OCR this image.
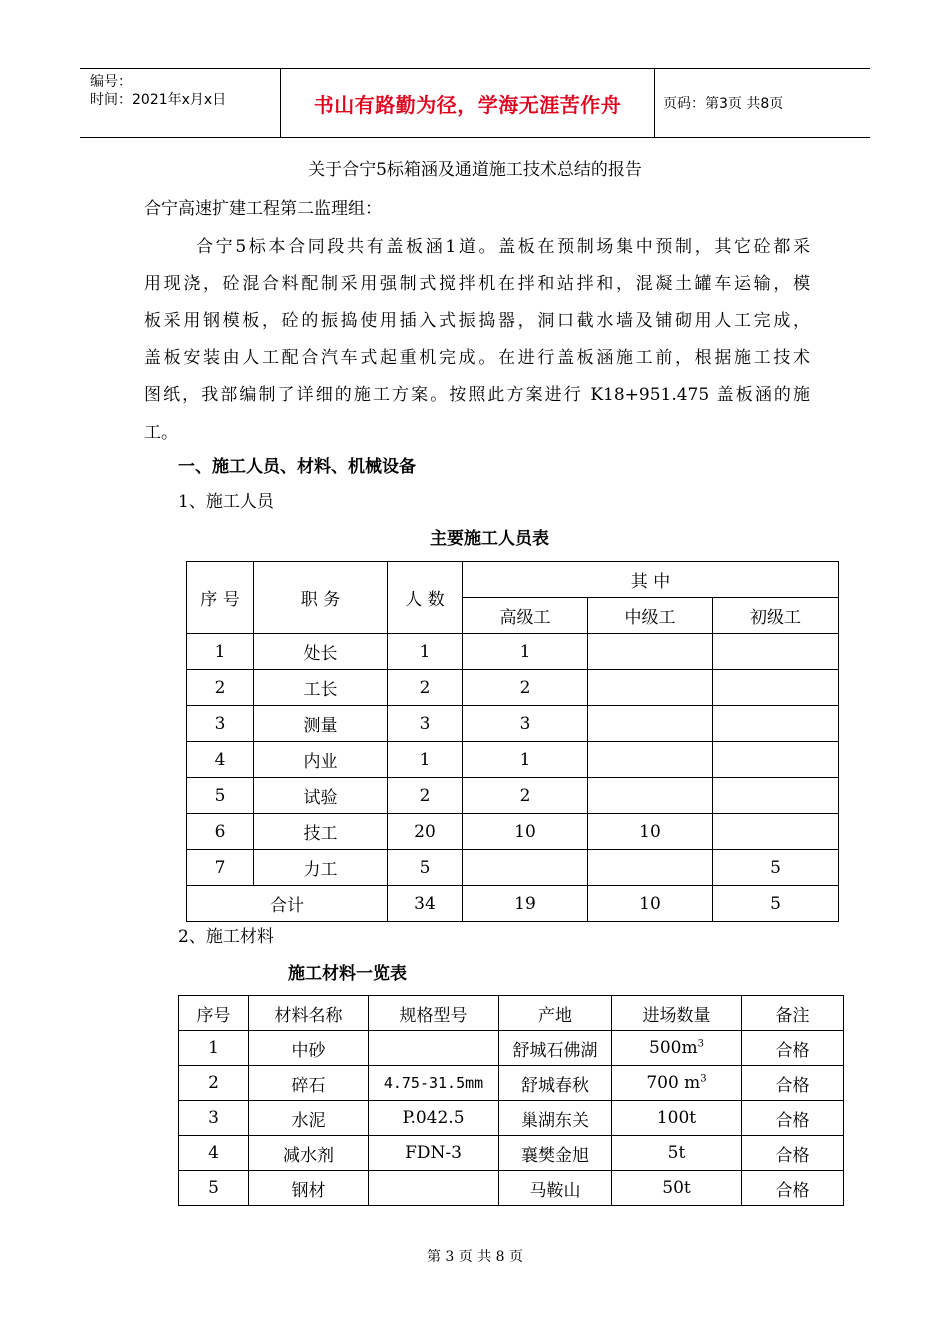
编号：
时间：2021年x月x日	书山有路勤为径，学海无涯苦作舟	页码：第3页 共8页
关于合宁5标箱涵及通道施工技术总结的报告
合宁高速扩建工程第二监理组：
合宁5标本合同段共有盖板涵1道。盖板在预制场集中预制，其它砼都采
用现浇，砼混合料配制采用强制式搅拌机在拌和站拌和，混凝土罐车运输，模
板采用钢模板，砼的振捣使用插入式振捣器，洞口截水墙及铺砌用人工完成，
盖板安装由人工配合汽车式起重机完成。在进行盖板涵施工前，根据施工技术
图纸，我部编制了详细的施工方案。按照此方案进行 K18+951.475 盖板涵的施
工。
一、施工人员、材料、机械设备
1、施工人员
主要施工人员表
序 号	职 务	人 数	其 中		
			高级工	中级工	初级工
1	处长	1	1		
2	工长	2	2		
3	测量	3	3		
4	内业	1	1		
5	试验	2	2		
6	技工	20	10	10	
7	力工	5			5
合计		34	19	10	5
2、施工材料
施工材料一览表
序号	材料名称	规格型号	产地	进场数量	备注
1	中砂		舒城石佛湖	$500m^3$	合格
2	碎石	4.75-31.5mm	舒城春秋	700 $m^3$	合格
3	水泥	P.042.5	巢湖东关	100t	合格
4	减水剂	FDN-3	襄樊金旭	5t	合格
5	钢材		马鞍山	50t	合格
第 3 页 共 8 页
